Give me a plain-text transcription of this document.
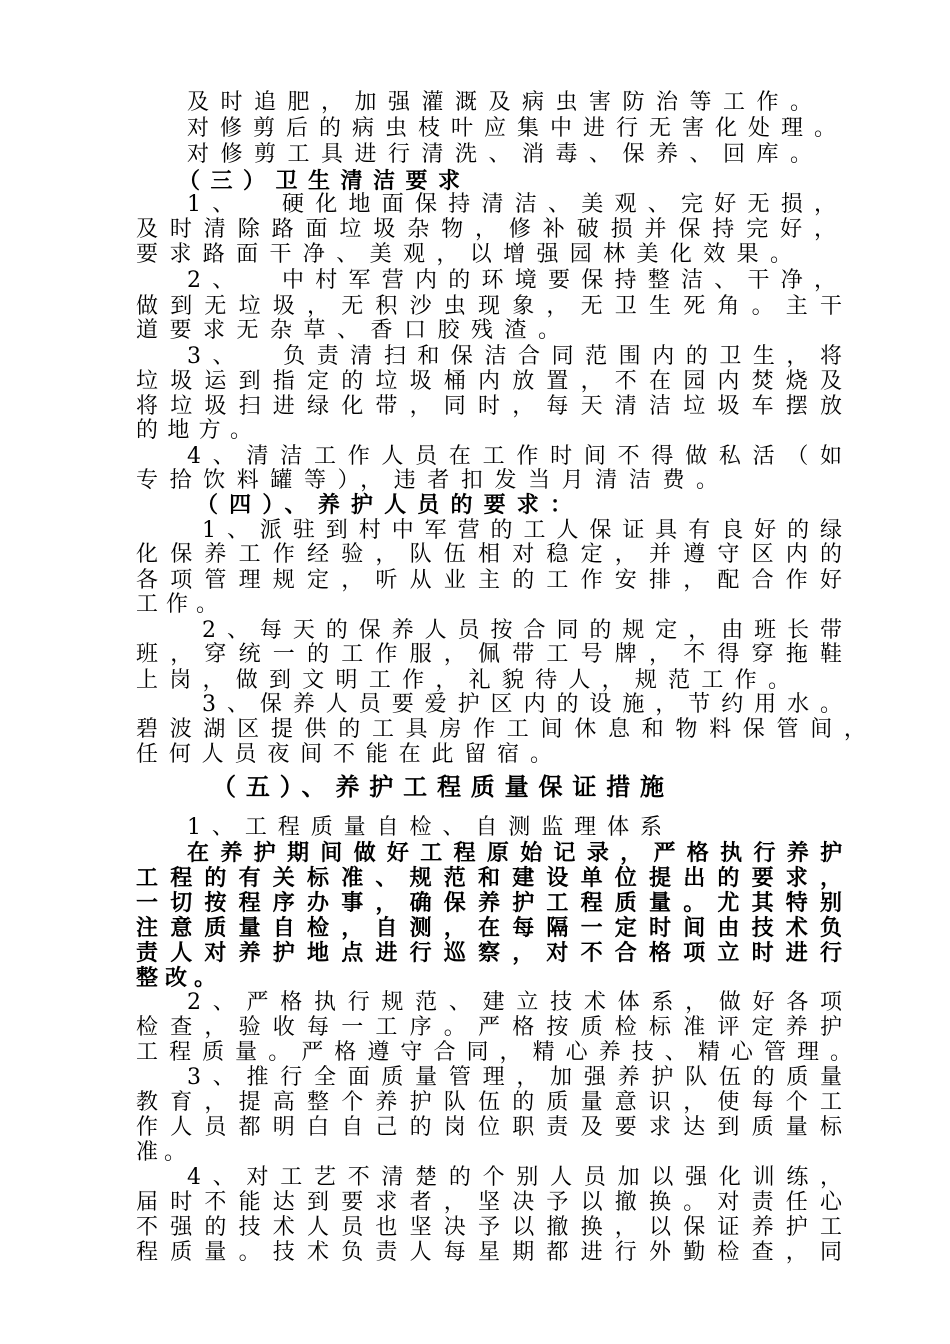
及时追肥，加强灌溉及病虫害防治等工作。
对修剪后的病虫枝叶应集中进行无害化处理。
对修剪工具进行清洗、消毒、保养、回库。
（三）卫生清洁要求
1、  硬化地面保持清洁、美观、完好无损，
及时清除路面垃圾杂物，修补破损并保持完好，
要求路面干净、美观，以增强园林美化效果。
2、  中村军营内的环境要保持整洁、干净，
做到无垃圾，无积沙虫现象，无卫生死角。主干
道要求无杂草、香口胶残渣。
3、  负责清扫和保洁合同范围内的卫生，将
垃圾运到指定的垃圾桶内放置，不在园内焚烧及
将垃圾扫进绿化带，同时，每天清洁垃圾车摆放
的地方。
4、清洁工作人员在工作时间不得做私活（如
专拾饮料罐等），违者扣发当月清洁费。
（四）、养护人员的要求：
1、派驻到村中军营的工人保证具有良好的绿
化保养工作经验，队伍相对稳定，并遵守区内的
各项管理规定，听从业主的工作安排，配合作好
工作。
2、每天的保养人员按合同的规定，由班长带
班，穿统一的工作服，佩带工号牌，不得穿拖鞋
上岗，做到文明工作，礼貌待人，规范工作。
3、保养人员要爱护区内的设施，节约用水。
碧波湖区提供的工具房作工间休息和物料保管间，
任何人员夜间不能在此留宿。
（五）、养护工程质量保证措施
1、工程质量自检、自测监理体系
在养护期间做好工程原始记录，严格执行养护
工程的有关标准、规范和建设单位提出的要求，
一切按程序办事，确保养护工程质量。尤其特别
注意质量自检，自测，在每隔一定时间由技术负
责人对养护地点进行巡察，对不合格项立时进行
整改。
2、严格执行规范、建立技术体系，做好各项
检查，验收每一工序。严格按质检标准评定养护
工程质量。严格遵守合同，精心养技、精心管理。
3、推行全面质量管理，加强养护队伍的质量
教育，提高整个养护队伍的质量意识，使每个工
作人员都明白自己的岗位职责及要求达到质量标
准。
4、对工艺不清楚的个别人员加以强化训练，
届时不能达到要求者，坚决予以撤换。对责任心
不强的技术人员也坚决予以撤换，以保证养护工
程质量。技术负责人每星期都进行外勤检查，同
